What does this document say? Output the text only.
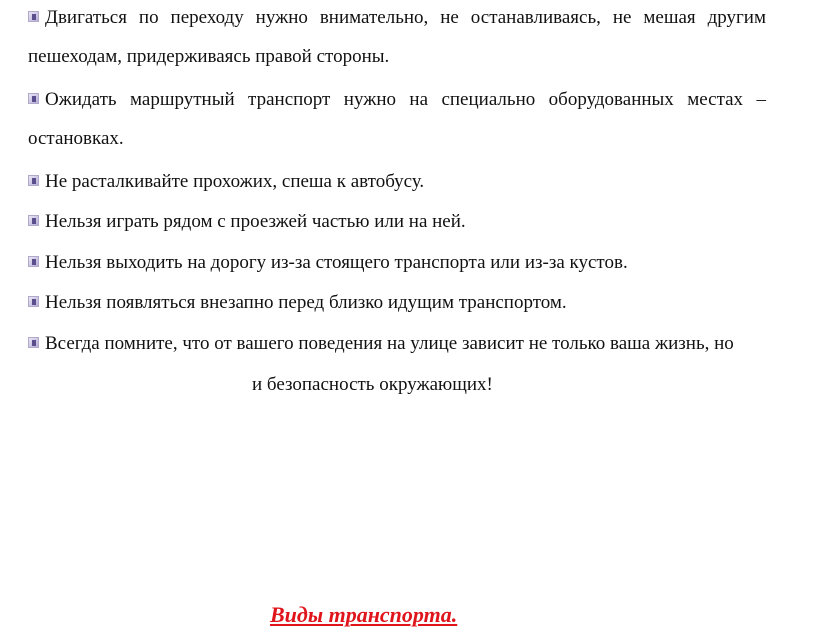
Двигаться по переходу нужно внимательно, не останавливаясь, не мешая другим
пешеходам, придерживаясь правой стороны.
Ожидать маршрутный транспорт нужно на специально оборудованных местах –
остановках.
Не расталкивайте прохожих, спеша к автобусу.
Нельзя играть рядом с проезжей частью или на ней.
Нельзя выходить на дорогу из-за стоящего транспорта или из-за кустов.
Нельзя появляться внезапно перед близко идущим транспортом.
Всегда помните, что от вашего поведения на улице зависит не только ваша жизнь, но
и безопасность окружающих!
Виды транспорта.
